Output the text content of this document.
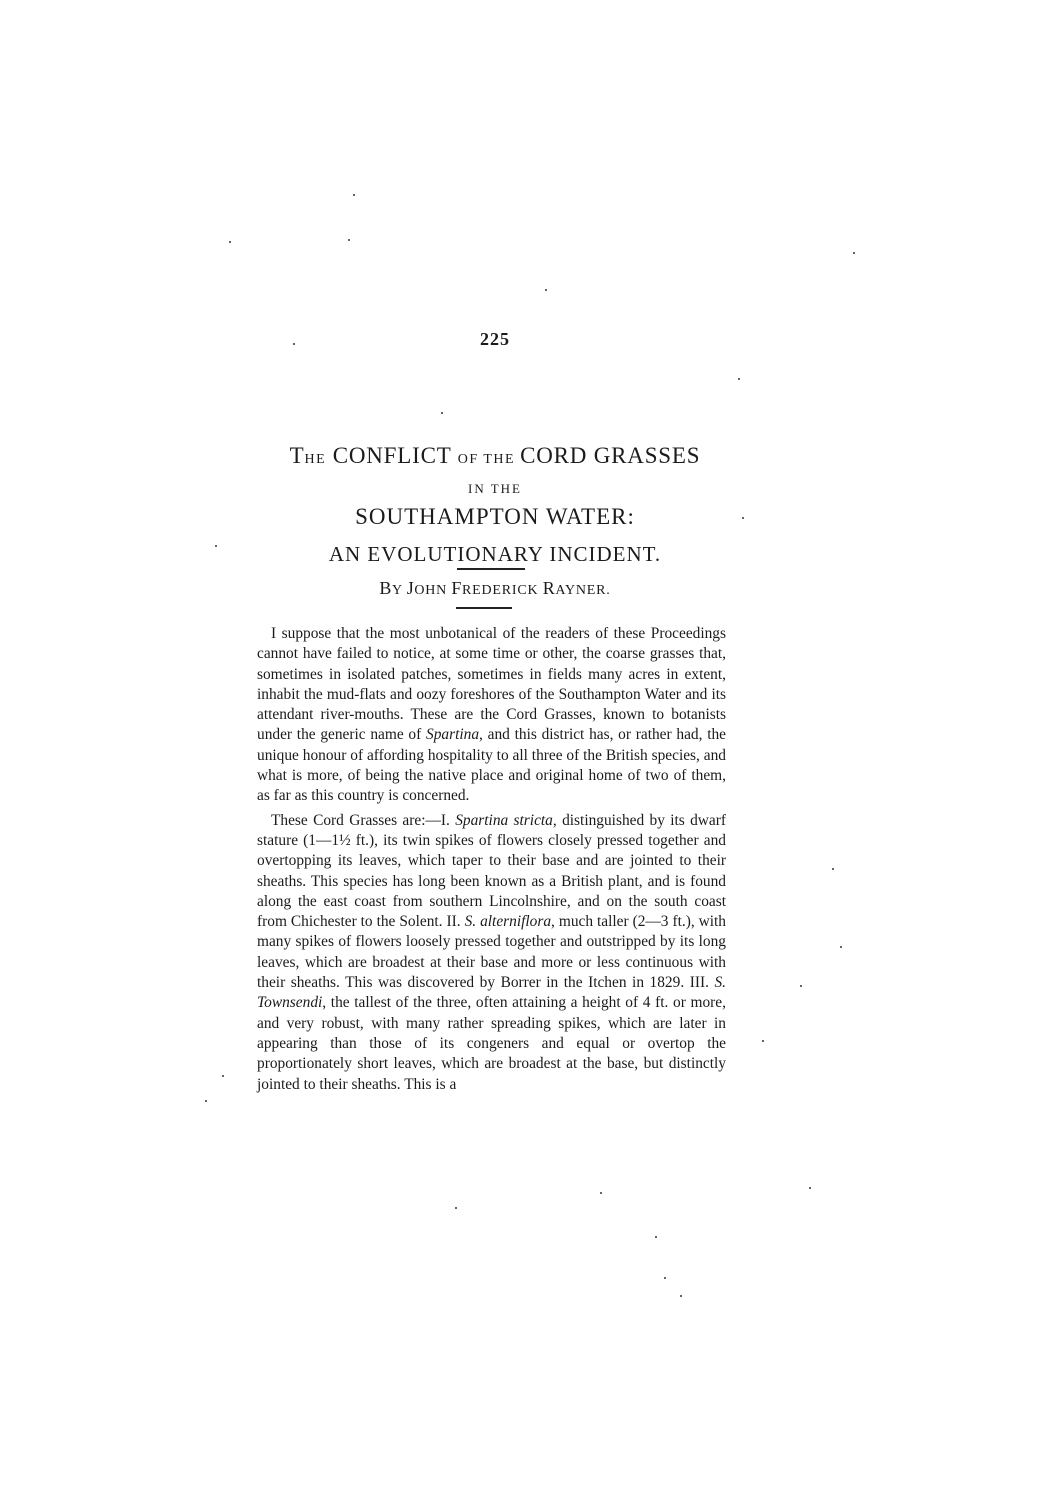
225
THE CONFLICT OF THE CORD GRASSES
IN THE
SOUTHAMPTON WATER:
AN EVOLUTIONARY INCIDENT.
BY JOHN FREDERICK RAYNER.

I suppose that the most unbotanical of the readers of these Proceedings cannot have failed to notice, at some time or other, the coarse grasses that, sometimes in isolated patches, sometimes in fields many acres in extent, inhabit the mud-flats and oozy foreshores of the Southampton Water and its attendant river-mouths. These are the Cord Grasses, known to botanists under the generic name of Spartina, and this district has, or rather had, the unique honour of affording hospitality to all three of the British species, and what is more, of being the native place and original home of two of them, as far as this country is concerned.

These Cord Grasses are:—I. Spartina stricta, distinguished by its dwarf stature (1—1½ ft.), its twin spikes of flowers closely pressed together and overtopping its leaves, which taper to their base and are jointed to their sheaths. This species has long been known as a British plant, and is found along the east coast from southern Lincolnshire, and on the south coast from Chichester to the Solent. II. S. alterniflora, much taller (2—3 ft.), with many spikes of flowers loosely pressed together and outstripped by its long leaves, which are broadest at their base and more or less continuous with their sheaths. This was discovered by Borrer in the Itchen in 1829. III. S. Townsendi, the tallest of the three, often attaining a height of 4 ft. or more, and very robust, with many rather spreading spikes, which are later in appearing than those of its congeners and equal or overtop the proportionately short leaves, which are broadest at the base, but distinctly jointed to their sheaths. This is a
